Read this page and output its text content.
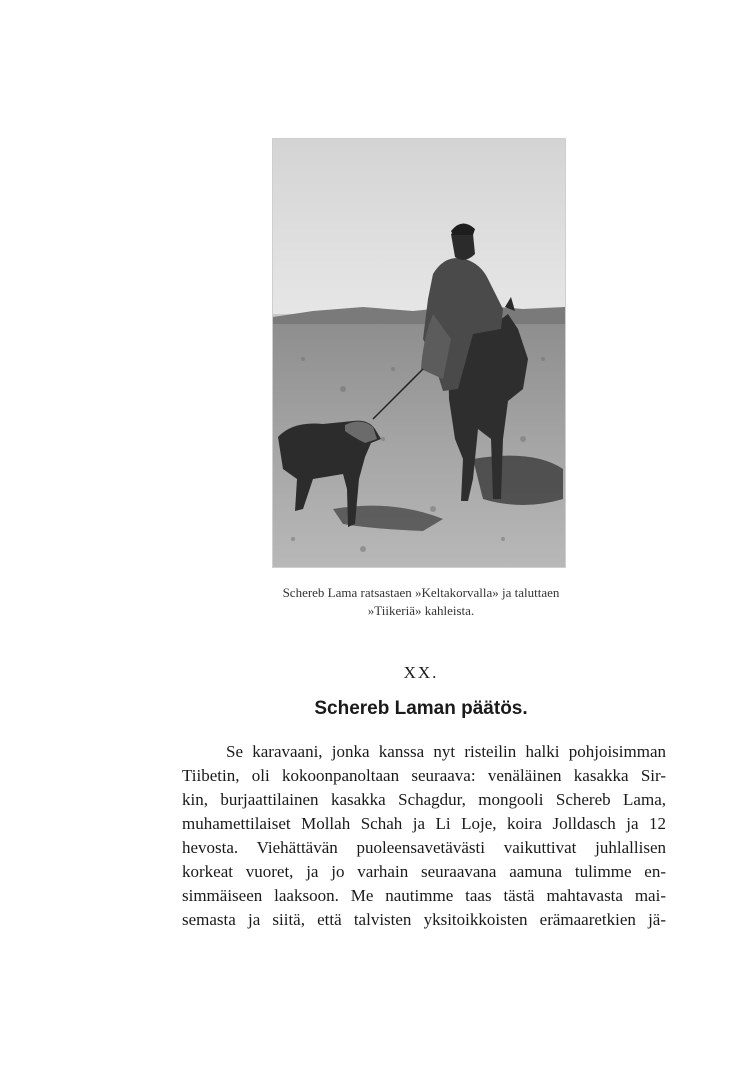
Schereb Lama ratsastaen »Keltakorvalla» ja taluttaen
»Tiikeriä» kahleista.
XX.
Schereb Laman päätös.
Se karavaani, jonka kanssa nyt risteilin halki pohjoisimman
Tiibetin, oli kokoonpanoltaan seuraava: venäläinen kasakka Sir-
kin, burjaattilainen kasakka Schagdur, mongooli Schereb Lama,
muhamettilaiset Mollah Schah ja Li Loje, koira Jolldasch ja 12
hevosta. Viehättävän puoleensavetävästi vaikuttivat juhlallisen
korkeat vuoret, ja jo varhain seuraavana aamuna tulimme en-
simmäiseen laaksoon. Me nautimme taas tästä mahtavasta mai-
semasta ja siitä, että talvisten yksitoikkoisten erämaaretkien jä-
